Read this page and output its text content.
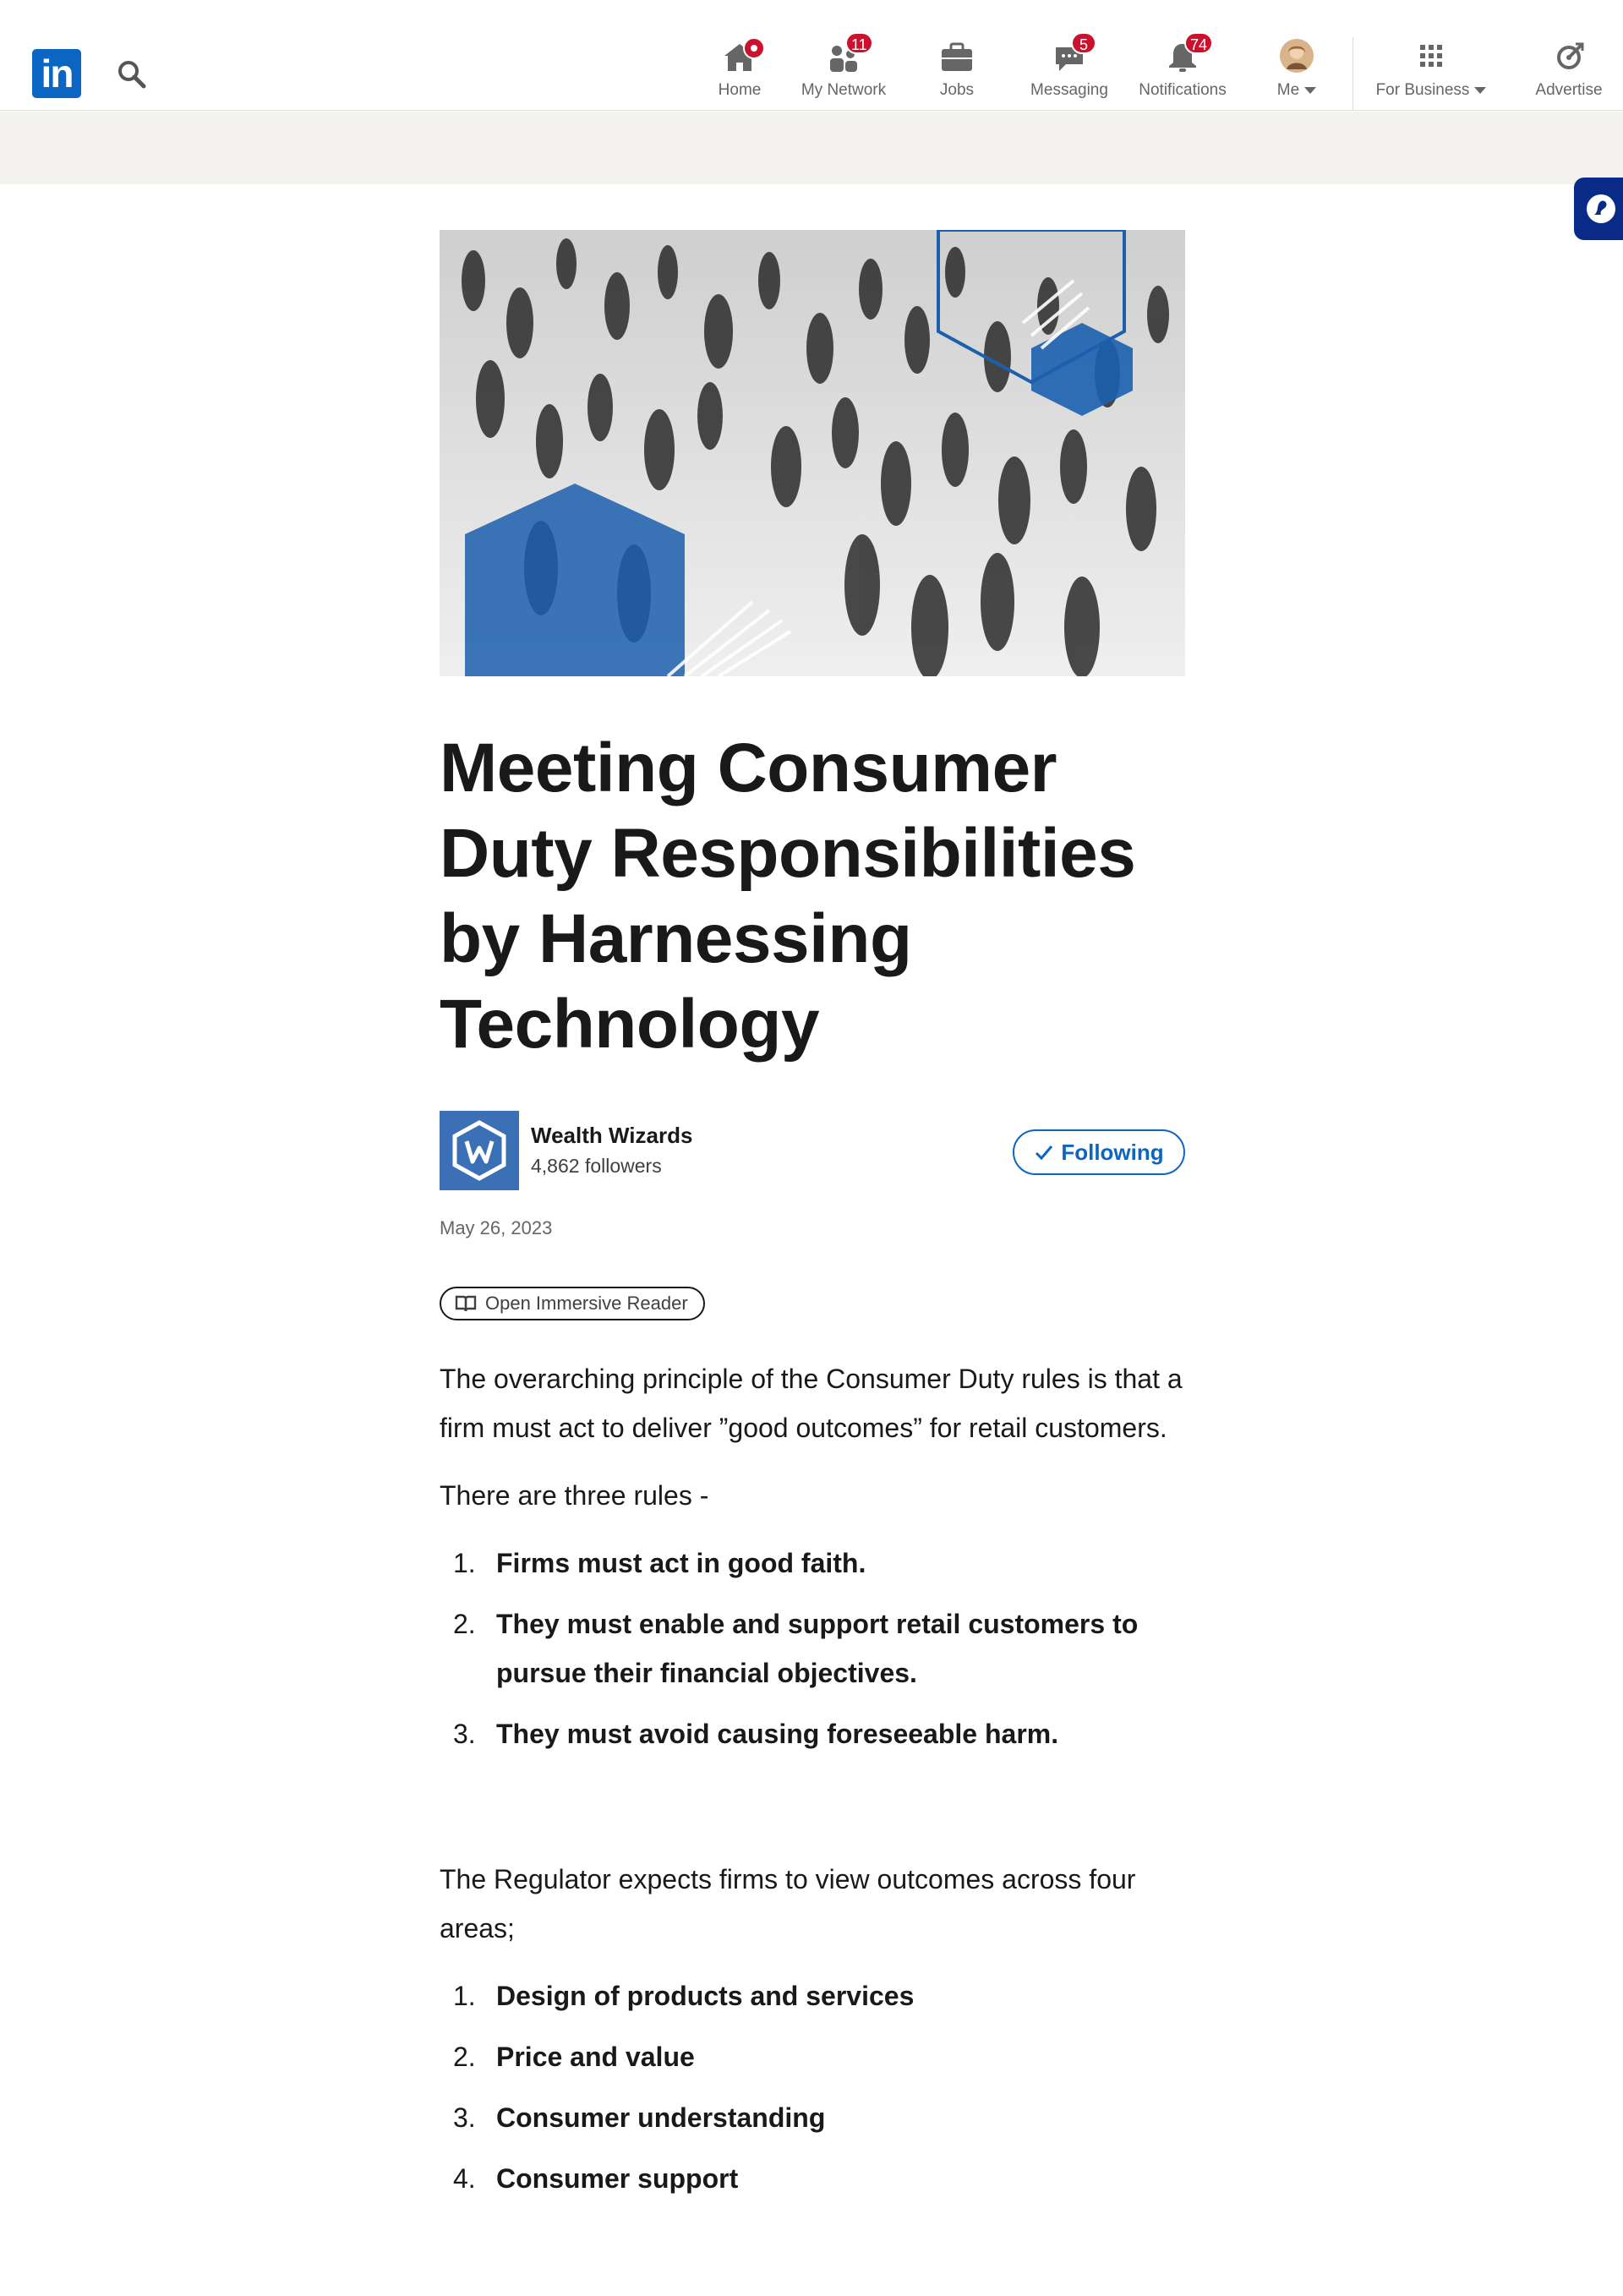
in	Home
11
My Network	Jobs
5
Messaging
74
Notifications	Me	For Business	Advertise
Meeting Consumer Duty Responsibilities by Harnessing Technology
Wealth Wizards
4,862 followers
Following
May 26, 2023
Open Immersive Reader

The overarching principle of the Consumer Duty rules is that a firm must act to deliver ”good outcomes” for retail customers.

There are three rules -

1. Firms must act in good faith.
2. They must enable and support retail customers to pursue their financial objectives.
3. They must avoid causing foreseeable harm.

The Regulator expects firms to view outcomes across four areas;

1. Design of products and services
2. Price and value
3. Consumer understanding
4. Consumer support
